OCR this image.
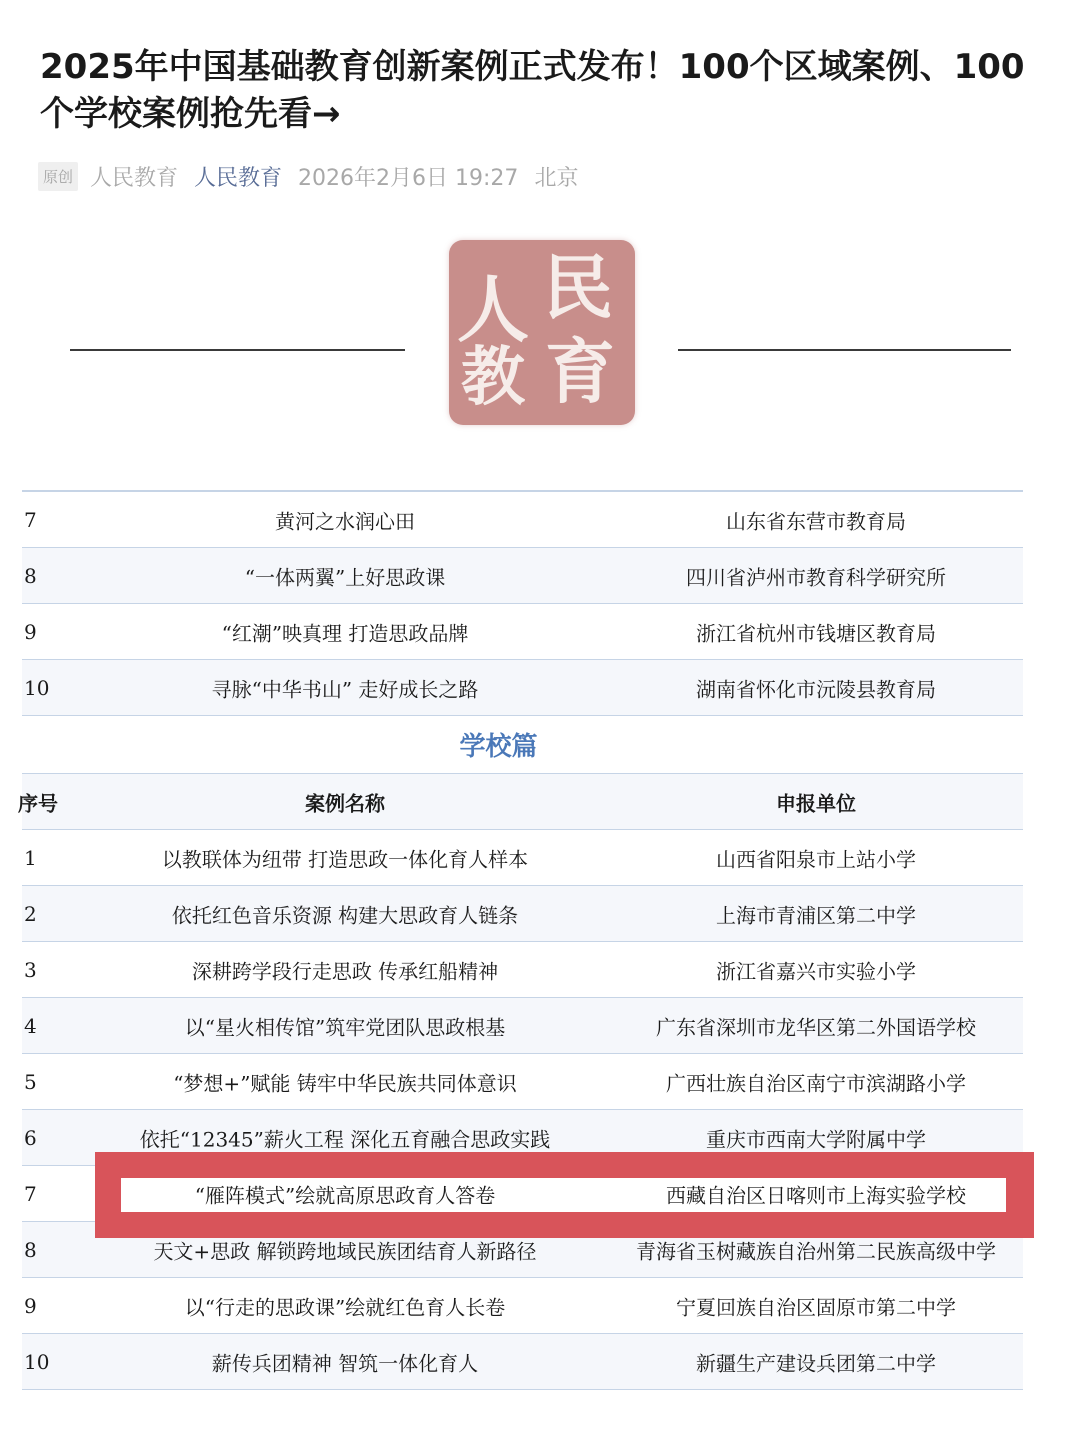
2025年中国基础教育创新案例正式发布！100个区域案例、100个学校案例抢先看→
原创 人民教育 人民教育 2026年2月6日 19:27 北京
人 民
教 育
7	黄河之水润心田	山东省东营市教育局
8	“一体两翼”上好思政课	四川省泸州市教育科学研究所
9	“红潮”映真理 打造思政品牌	浙江省杭州市钱塘区教育局
10	寻脉“中华书山” 走好成长之路	湖南省怀化市沅陵县教育局
学校篇
序号	案例名称	申报单位
1	以教联体为纽带 打造思政一体化育人样本	山西省阳泉市上站小学
2	依托红色音乐资源 构建大思政育人链条	上海市青浦区第二中学
3	深耕跨学段行走思政 传承红船精神	浙江省嘉兴市实验小学
4	以“星火相传馆”筑牢党团队思政根基	广东省深圳市龙华区第二外国语学校
5	“梦想+”赋能 铸牢中华民族共同体意识	广西壮族自治区南宁市滨湖路小学
6	依托“12345”薪火工程 深化五育融合思政实践	重庆市西南大学附属中学
7	“雁阵模式”绘就高原思政育人答卷	西藏自治区日喀则市上海实验学校
8	天文+思政 解锁跨地域民族团结育人新路径	青海省玉树藏族自治州第二民族高级中学
9	以“行走的思政课”绘就红色育人长卷	宁夏回族自治区固原市第二中学
10	薪传兵团精神 智筑一体化育人	新疆生产建设兵团第二中学
